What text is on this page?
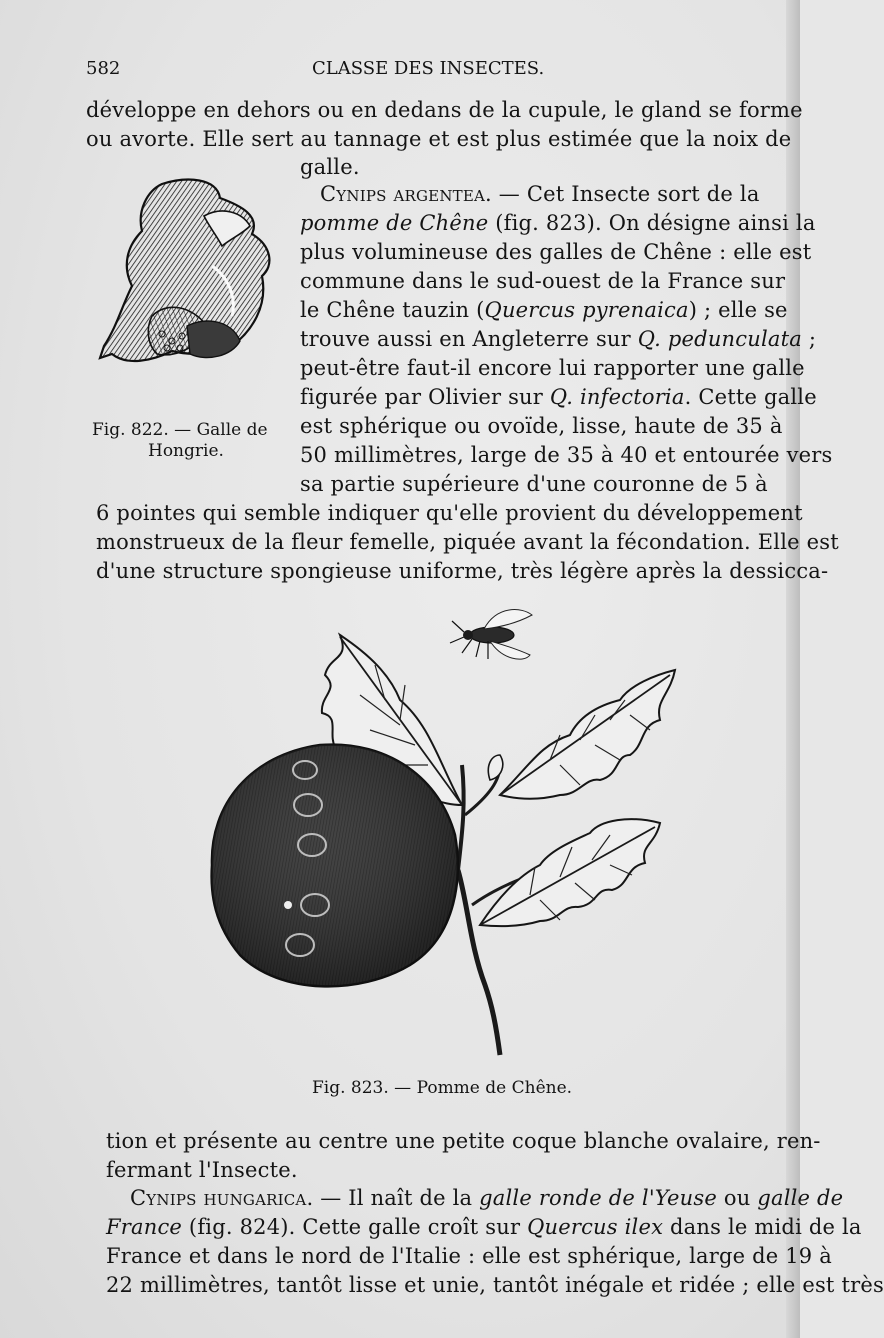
582	CLASSE DES INSECTES.
développe en dehors ou en dedans de la cupule, le gland se forme
ou avorte. Elle sert au tannage et est plus estimée que la noix de
galle.
Fig. 822. — Galle de
Hongrie.
Cynips argentea. — Cet Insecte sort de la
pomme de Chêne (fig. 823). On désigne ainsi la
plus volumineuse des galles de Chêne : elle est
commune dans le sud-ouest de la France sur
le Chêne tauzin (Quercus pyrenaica) ; elle se
trouve aussi en Angleterre sur Q. pedunculata ;
peut-être faut-il encore lui rapporter une galle
figurée par Olivier sur Q. infectoria. Cette galle
est sphérique ou ovoïde, lisse, haute de 35 à
50 millimètres, large de 35 à 40 et entourée vers
sa partie supérieure d'une couronne de 5 à
6 pointes qui semble indiquer qu'elle provient du développement
monstrueux de la fleur femelle, piquée avant la fécondation. Elle est
d'une structure spongieuse uniforme, très légère après la dessicca-
Fig. 823. — Pomme de Chêne.
tion et présente au centre une petite coque blanche ovalaire, ren-
fermant l'Insecte.
Cynips hungarica. — Il naît de la galle ronde de l'Yeuse ou galle de
France (fig. 824). Cette galle croît sur Quercus ilex dans le midi de la
France et dans le nord de l'Italie : elle est sphérique, large de 19 à
22 millimètres, tantôt lisse et unie, tantôt inégale et ridée ; elle est très
